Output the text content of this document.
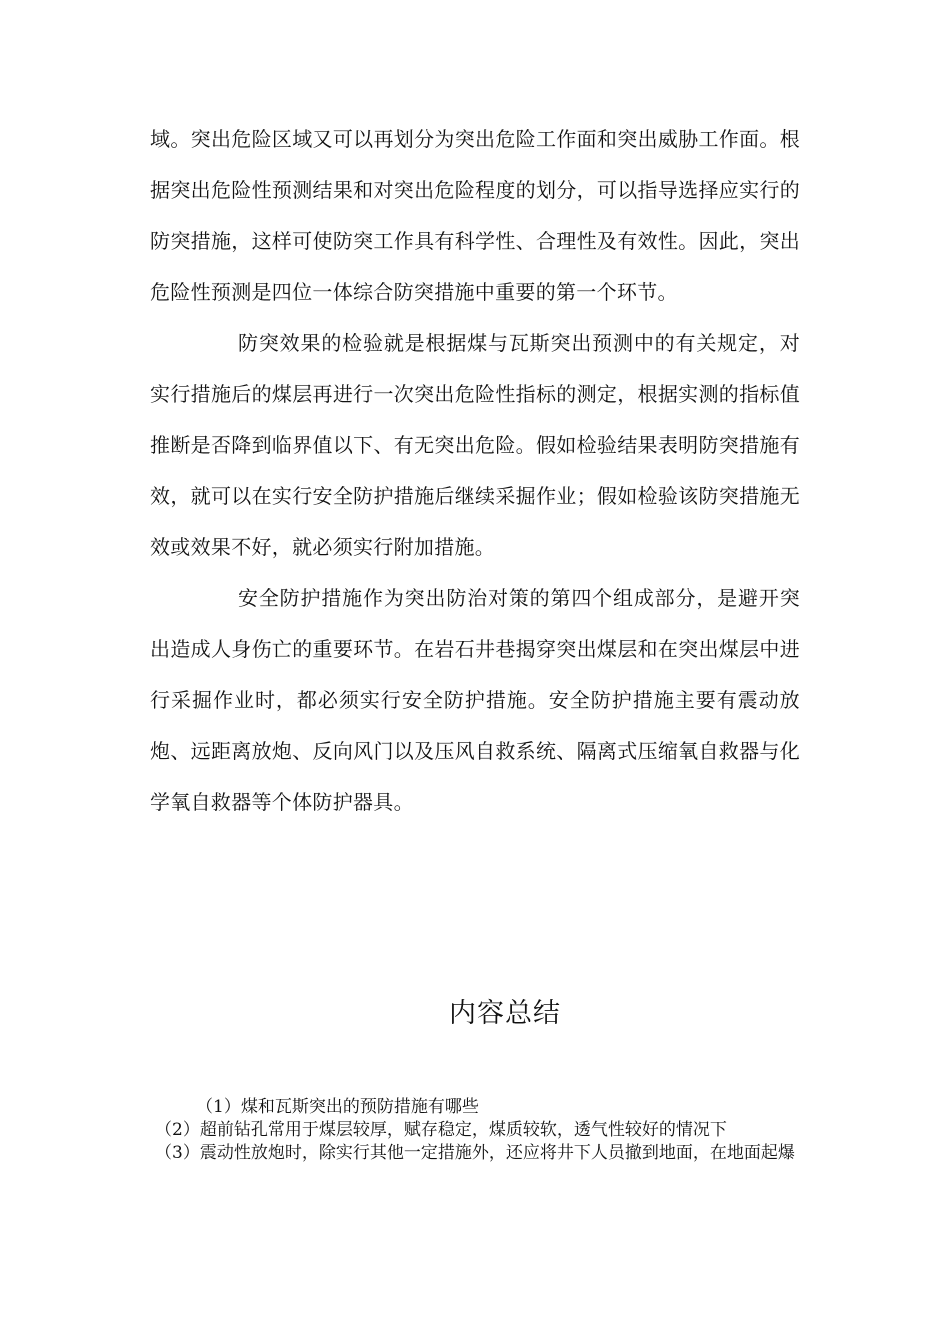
域。突出危险区域又可以再划分为突出危险工作面和突出威胁工作面。根据突出危险性预测结果和对突出危险程度的划分，可以指导选择应实行的防突措施，这样可使防突工作具有科学性、合理性及有效性。因此，突出危险性预测是四位一体综合防突措施中重要的第一个环节。

防突效果的检验就是根据煤与瓦斯突出预测中的有关规定，对实行措施后的煤层再进行一次突出危险性指标的测定，根据实测的指标值推断是否降到临界值以下、有无突出危险。假如检验结果表明防突措施有效，就可以在实行安全防护措施后继续采掘作业；假如检验该防突措施无效或效果不好，就必须实行附加措施。

安全防护措施作为突出防治对策的第四个组成部分，是避开突出造成人身伤亡的重要环节。在岩石井巷揭穿突出煤层和在突出煤层中进行采掘作业时，都必须实行安全防护措施。安全防护措施主要有震动放炮、远距离放炮、反向风门以及压风自救系统、隔离式压缩氧自救器与化学氧自救器等个体防护器具。

内容总结

（1）煤和瓦斯突出的预防措施有哪些

（2）超前钻孔常用于煤层较厚，赋存稳定，煤质较软，透气性较好的情况下

（3）震动性放炮时，除实行其他一定措施外，还应将井下人员撤到地面，在地面起爆
